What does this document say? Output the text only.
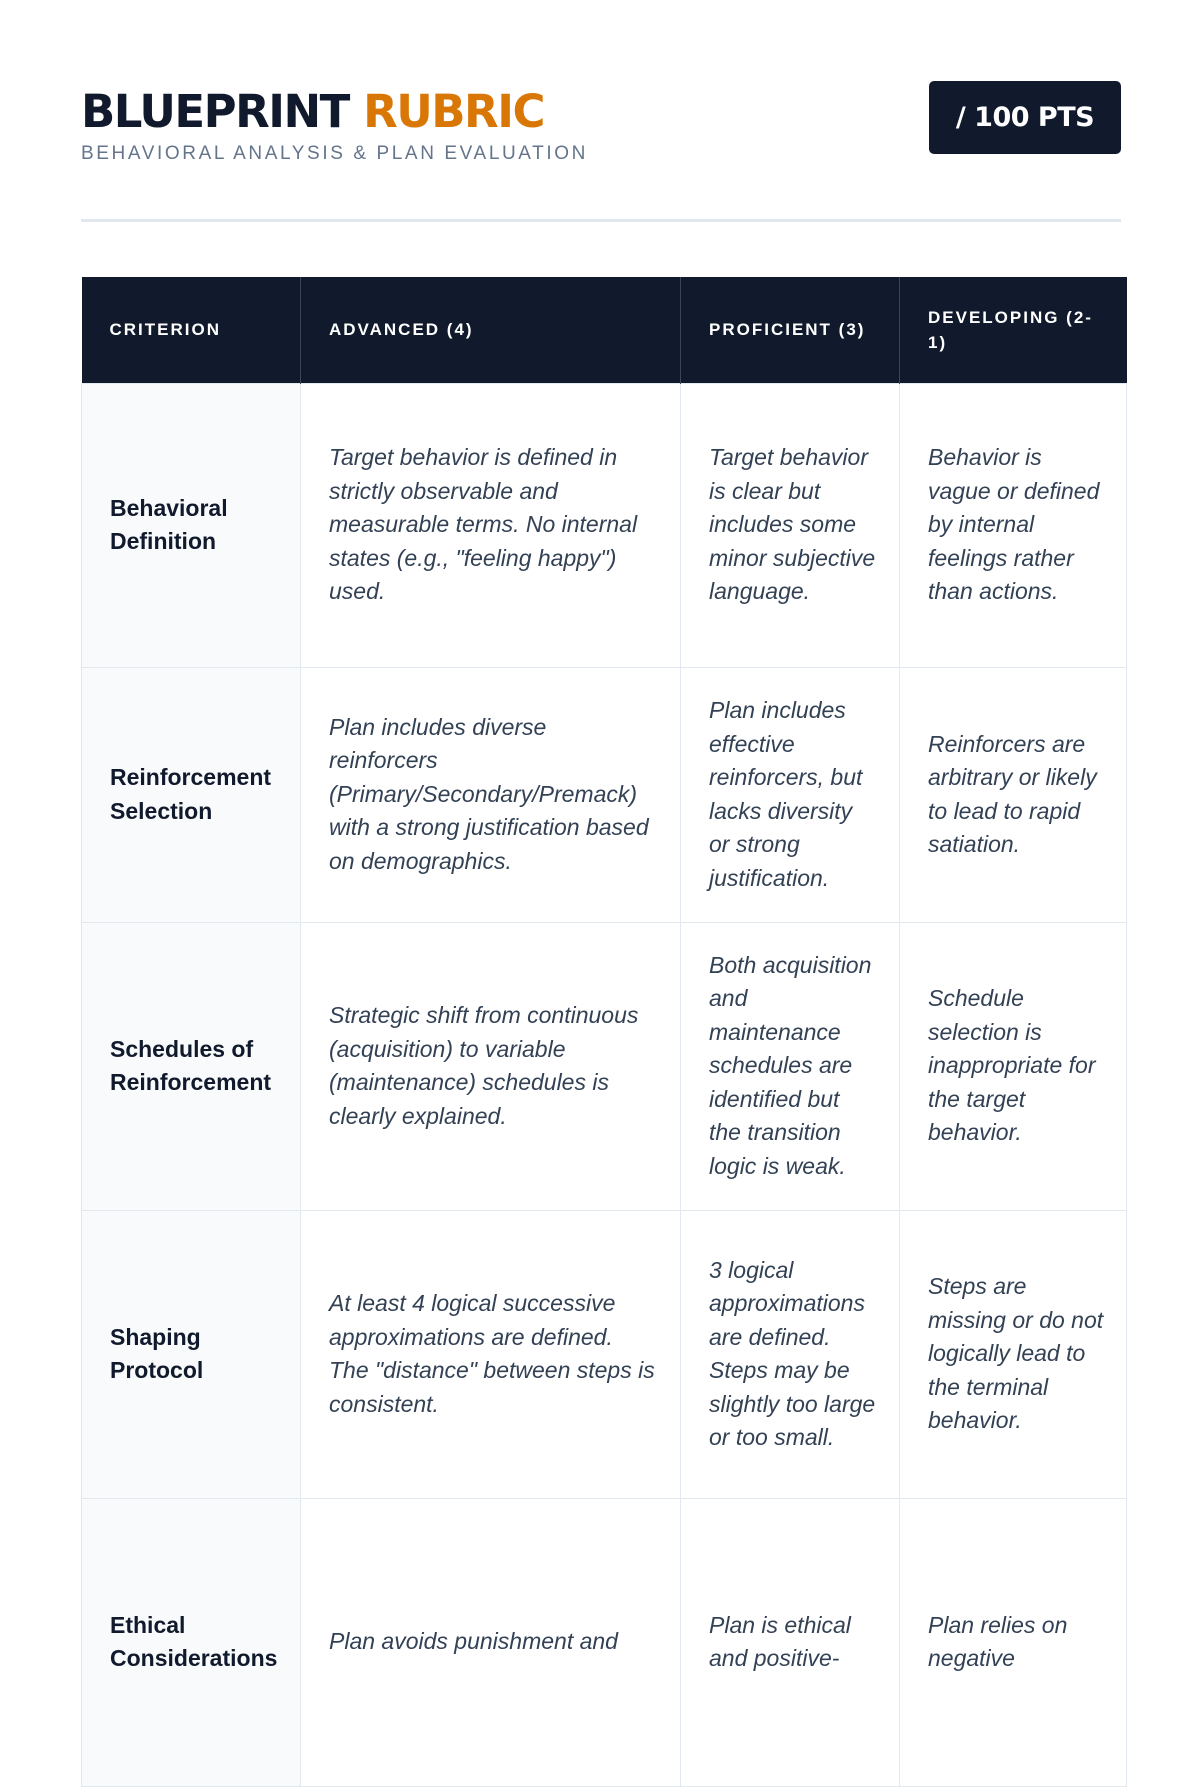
BLUEPRINT RUBRIC
BEHAVIORAL ANALYSIS & PLAN EVALUATION
/ 100 PTS
CRITERION	ADVANCED (4)	PROFICIENT (3)	DEVELOPING (2-1)
Behavioral Definition	Target behavior is defined in strictly observable and measurable terms. No internal states (e.g., "feeling happy") used.	Target behavior is clear but includes some minor subjective language.	Behavior is vague or defined by internal feelings rather than actions.
Reinforcement Selection	Plan includes diverse reinforcers (Primary/Secondary/Premack) with a strong justification based on demographics.	Plan includes effective reinforcers, but lacks diversity or strong justification.	Reinforcers are arbitrary or likely to lead to rapid satiation.
Schedules of Reinforcement	Strategic shift from continuous (acquisition) to variable (maintenance) schedules is clearly explained.	Both acquisition and maintenance schedules are identified but the transition logic is weak.	Schedule selection is inappropriate for the target behavior.
Shaping Protocol	At least 4 logical successive approximations are defined. The "distance" between steps is consistent.	3 logical approximations are defined. Steps may be slightly too large or too small.	Steps are missing or do not logically lead to the terminal behavior.
Ethical Considerations	Plan avoids punishment and	Plan is ethical and positive-	Plan relies on negative
